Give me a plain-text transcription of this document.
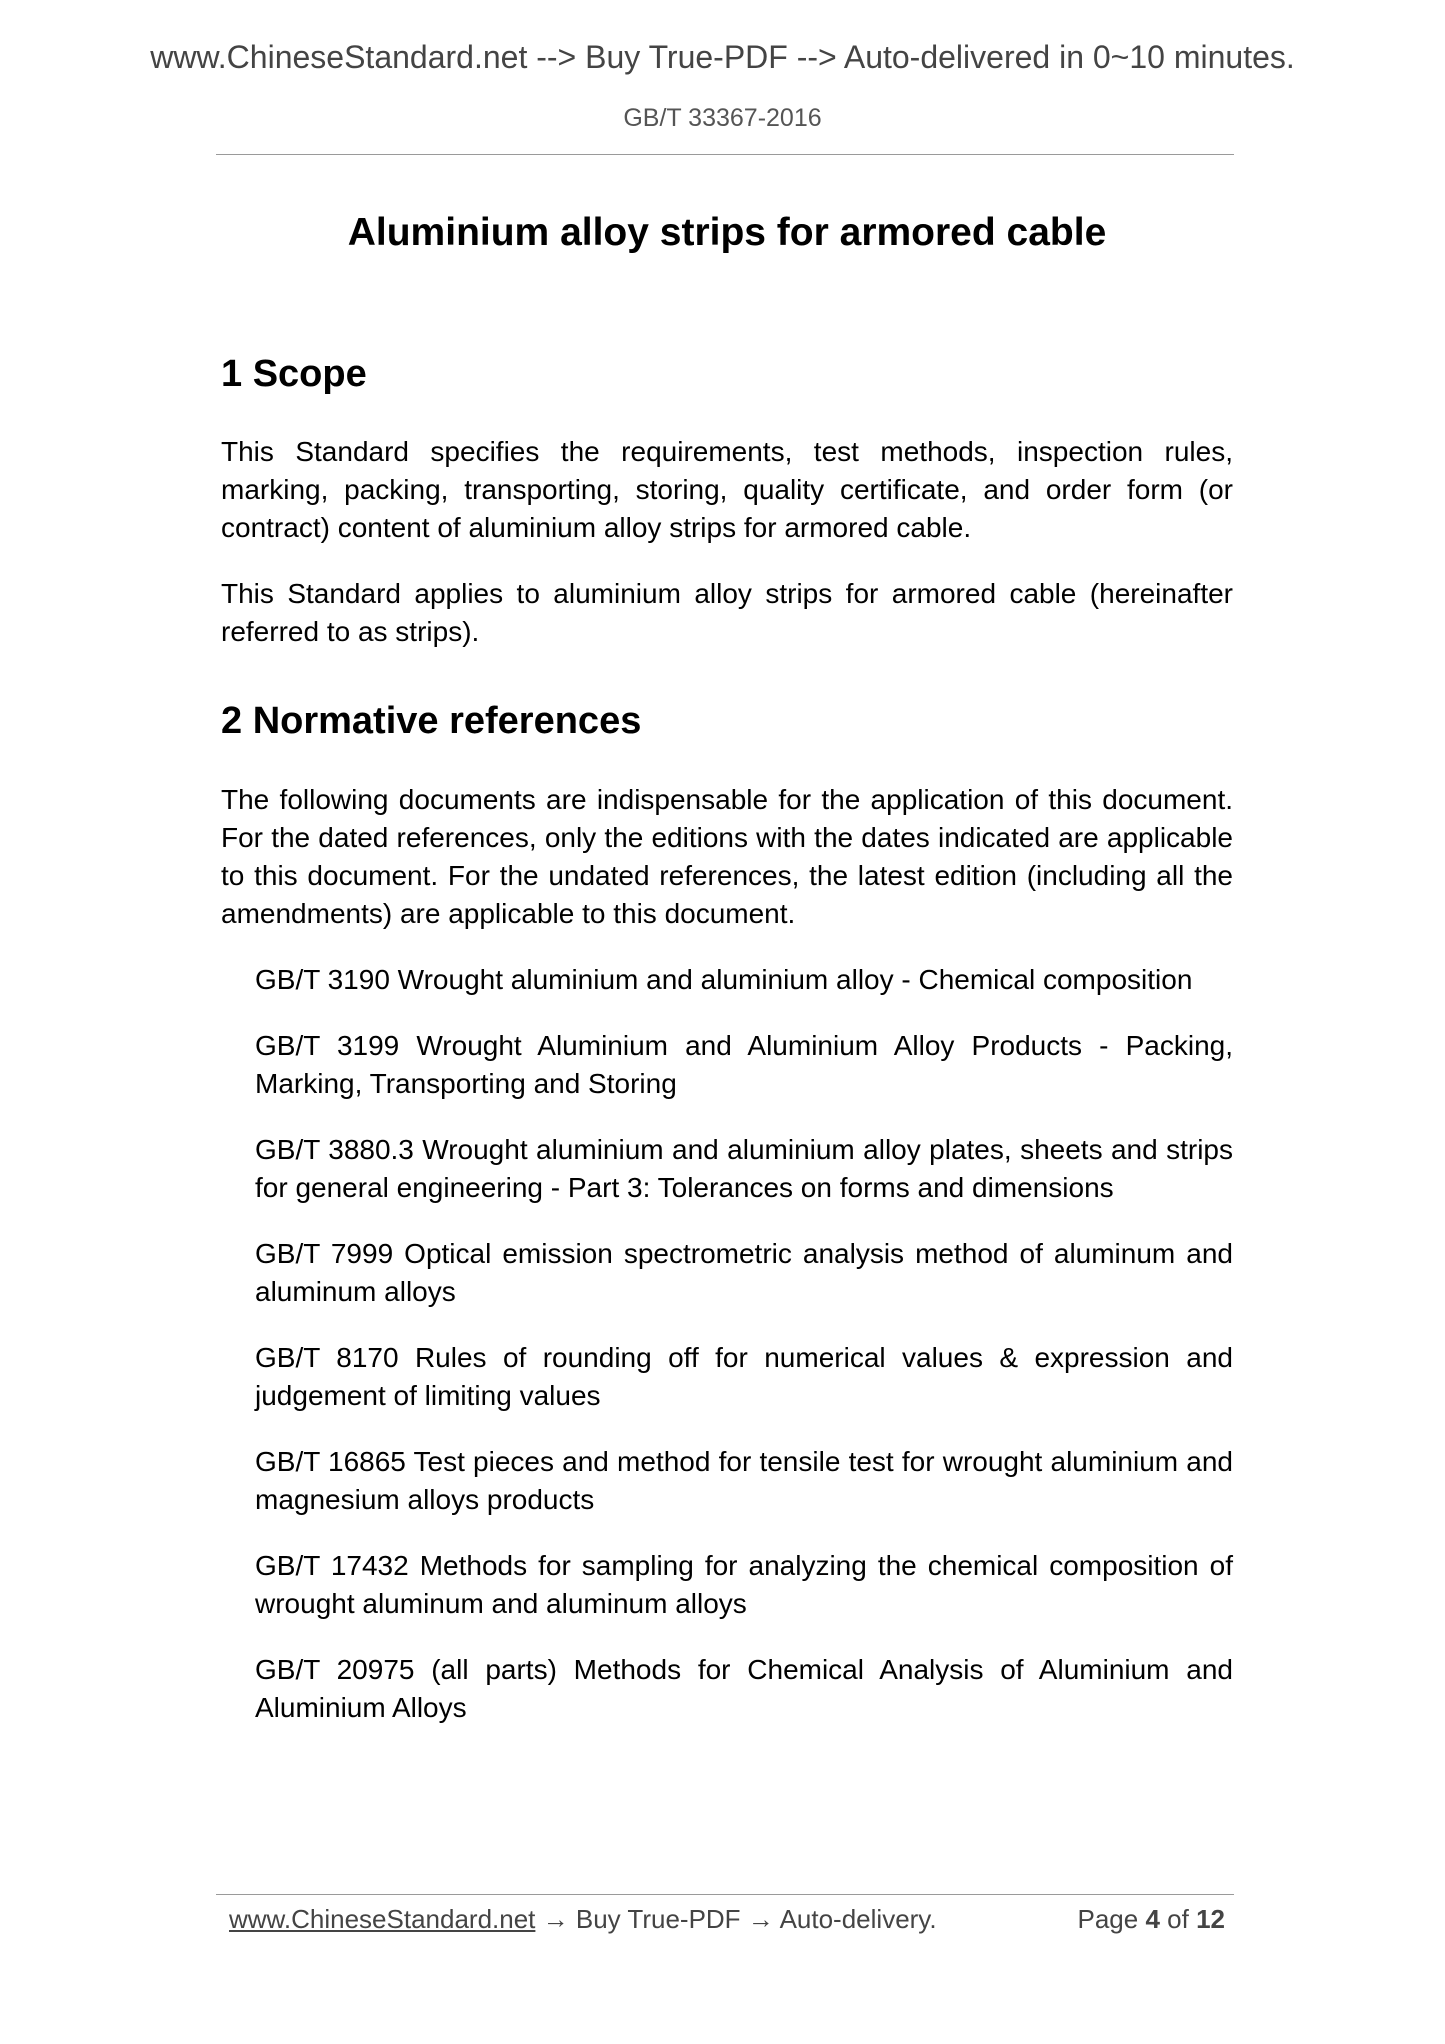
www.ChineseStandard.net --> Buy True-PDF --> Auto-delivered in 0~10 minutes.
GB/T 33367-2016
Aluminium alloy strips for armored cable
1 Scope

This Standard specifies the requirements, test methods, inspection rules, marking, packing, transporting, storing, quality certificate, and order form (or contract) content of aluminium alloy strips for armored cable.

This Standard applies to aluminium alloy strips for armored cable (hereinafter referred to as strips).

2 Normative references

The following documents are indispensable for the application of this document. For the dated references, only the editions with the dates indicated are applicable to this document. For the undated references, the latest edition (including all the amendments) are applicable to this document.

GB/T 3190 Wrought aluminium and aluminium alloy - Chemical composition

GB/T 3199 Wrought Aluminium and Aluminium Alloy Products - Packing, Marking, Transporting and Storing

GB/T 3880.3 Wrought aluminium and aluminium alloy plates, sheets and strips for general engineering - Part 3: Tolerances on forms and dimensions

GB/T 7999 Optical emission spectrometric analysis method of aluminum and aluminum alloys

GB/T 8170 Rules of rounding off for numerical values & expression and judgement of limiting values

GB/T 16865 Test pieces and method for tensile test for wrought aluminium and magnesium alloys products

GB/T 17432 Methods for sampling for analyzing the chemical composition of wrought aluminum and aluminum alloys

GB/T 20975 (all parts) Methods for Chemical Analysis of Aluminium and Aluminium Alloys

www.ChineseStandard.net → Buy True-PDF → Auto-delivery.	Page 4 of 12
